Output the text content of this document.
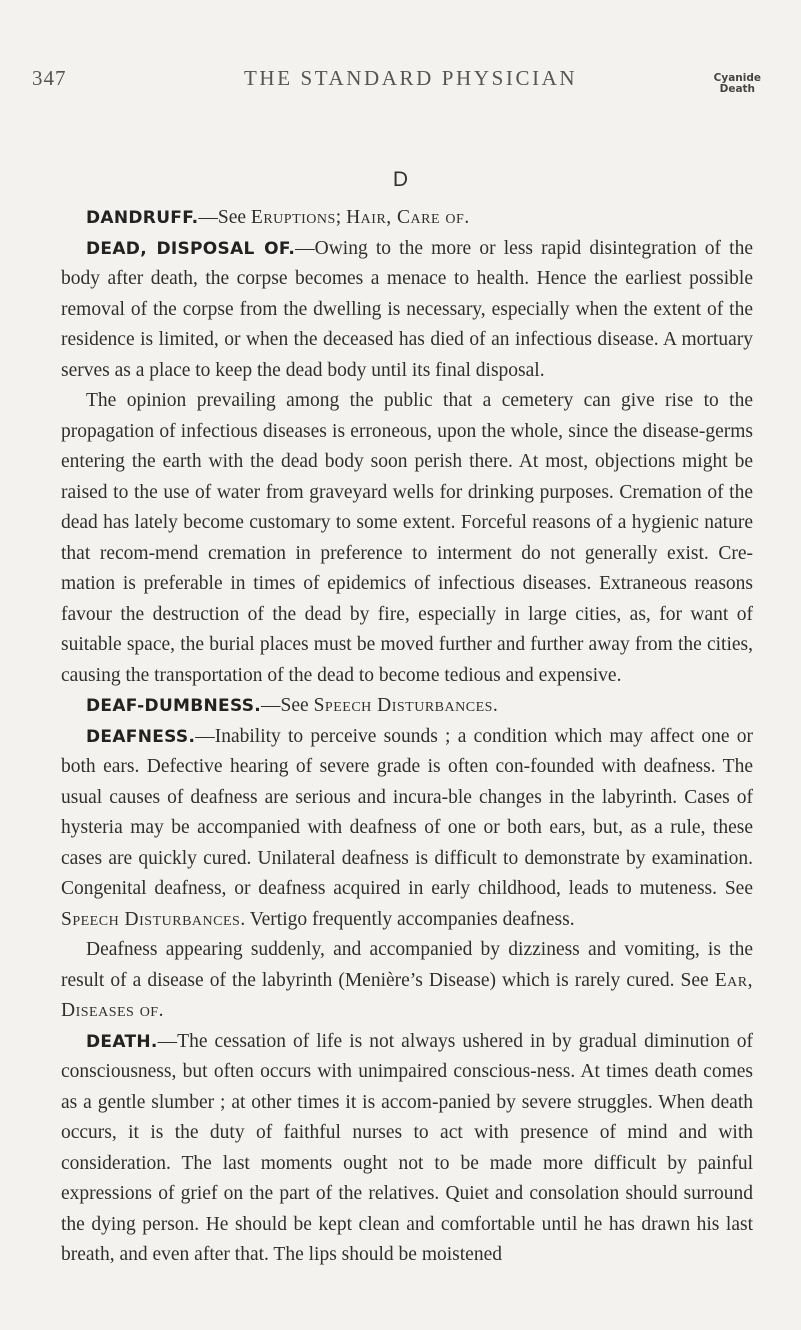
347	THE STANDARD PHYSICIAN	Cyanide
Death
D

DANDRUFF.—See Eruptions; Hair, Care of.

DEAD, DISPOSAL OF.—Owing to the more or less rapid disintegration of the body after death, the corpse becomes a menace to health. Hence the earliest possible removal of the corpse from the dwelling is necessary, especially when the extent of the residence is limited, or when the deceased has died of an infectious disease. A mortuary serves as a place to keep the dead body until its final disposal.

The opinion prevailing among the public that a cemetery can give rise to the propagation of infectious diseases is erroneous, upon the whole, since the disease-germs entering the earth with the dead body soon perish there. At most, objections might be raised to the use of water from graveyard wells for drinking purposes. Cremation of the dead has lately become customary to some extent. Forceful reasons of a hygienic nature that recom-mend cremation in preference to interment do not generally exist. Cre-mation is preferable in times of epidemics of infectious diseases. Extraneous reasons favour the destruction of the dead by fire, especially in large cities, as, for want of suitable space, the burial places must be moved further and further away from the cities, causing the transportation of the dead to become tedious and expensive.

DEAF-DUMBNESS.—See Speech Disturbances.

DEAFNESS.—Inability to perceive sounds ; a condition which may affect one or both ears. Defective hearing of severe grade is often con-founded with deafness. The usual causes of deafness are serious and incura-ble changes in the labyrinth. Cases of hysteria may be accompanied with deafness of one or both ears, but, as a rule, these cases are quickly cured. Unilateral deafness is difficult to demonstrate by examination. Congenital deafness, or deafness acquired in early childhood, leads to muteness. See Speech Disturbances. Vertigo frequently accompanies deafness.

Deafness appearing suddenly, and accompanied by dizziness and vomiting, is the result of a disease of the labyrinth (Menière’s Disease) which is rarely cured. See Ear, Diseases of.

DEATH.—The cessation of life is not always ushered in by gradual diminution of consciousness, but often occurs with unimpaired conscious-ness. At times death comes as a gentle slumber ; at other times it is accom-panied by severe struggles. When death occurs, it is the duty of faithful nurses to act with presence of mind and with consideration. The last moments ought not to be made more difficult by painful expressions of grief on the part of the relatives. Quiet and consolation should surround the dying person. He should be kept clean and comfortable until he has drawn his last breath, and even after that. The lips should be moistened
